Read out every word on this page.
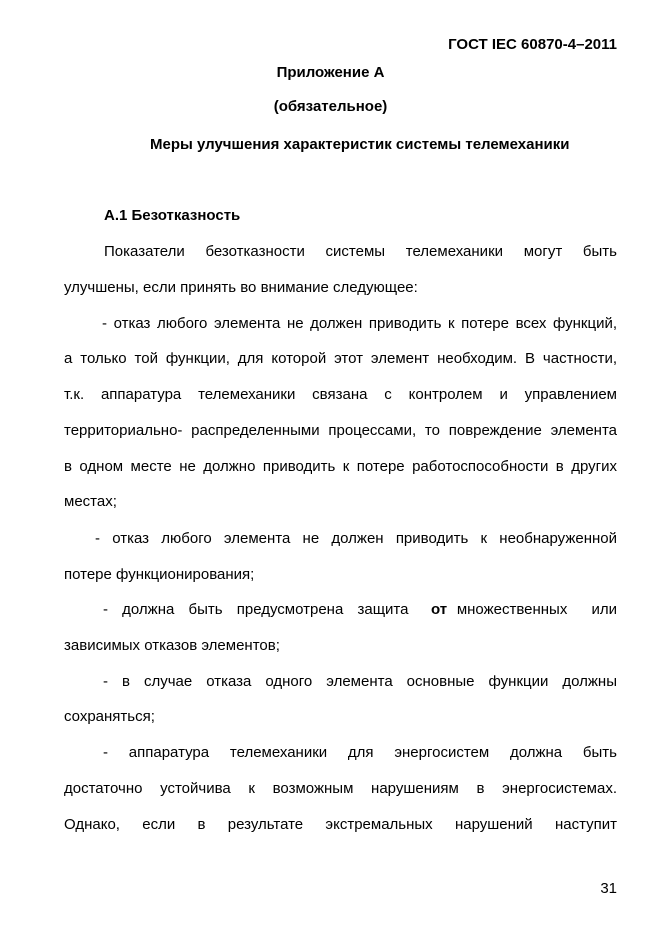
ГОСТ IEC 60870-4–2011
Приложение А
(обязательное)
Меры улучшения характеристик системы телемеханики
А.1 Безотказность
Показатели безотказности системы телемеханики могут быть
улучшены, если принять во внимание следующее:
- отказ любого элемента не должен приводить к потере всех функций,
а только той функции, для которой этот элемент необходим. В частности,
т.к. аппаратура телемеханики связана с контролем и управлением
территориально- распределенными процессами, то повреждение элемента
в одном месте не должно приводить к потере работоспособности в других
местах;
- отказ любого элемента не должен приводить к необнаруженной
потере функционирования;
- должна быть предусмотрена защита от множественных или
зависимых отказов элементов;
- в случае отказа одного элемента основные функции должны
сохраняться;
- аппаратура телемеханики для энергосистем должна быть
достаточно устойчива к возможным нарушениям в энергосистемах.
Однако, если в результате экстремальных нарушений наступит
31
